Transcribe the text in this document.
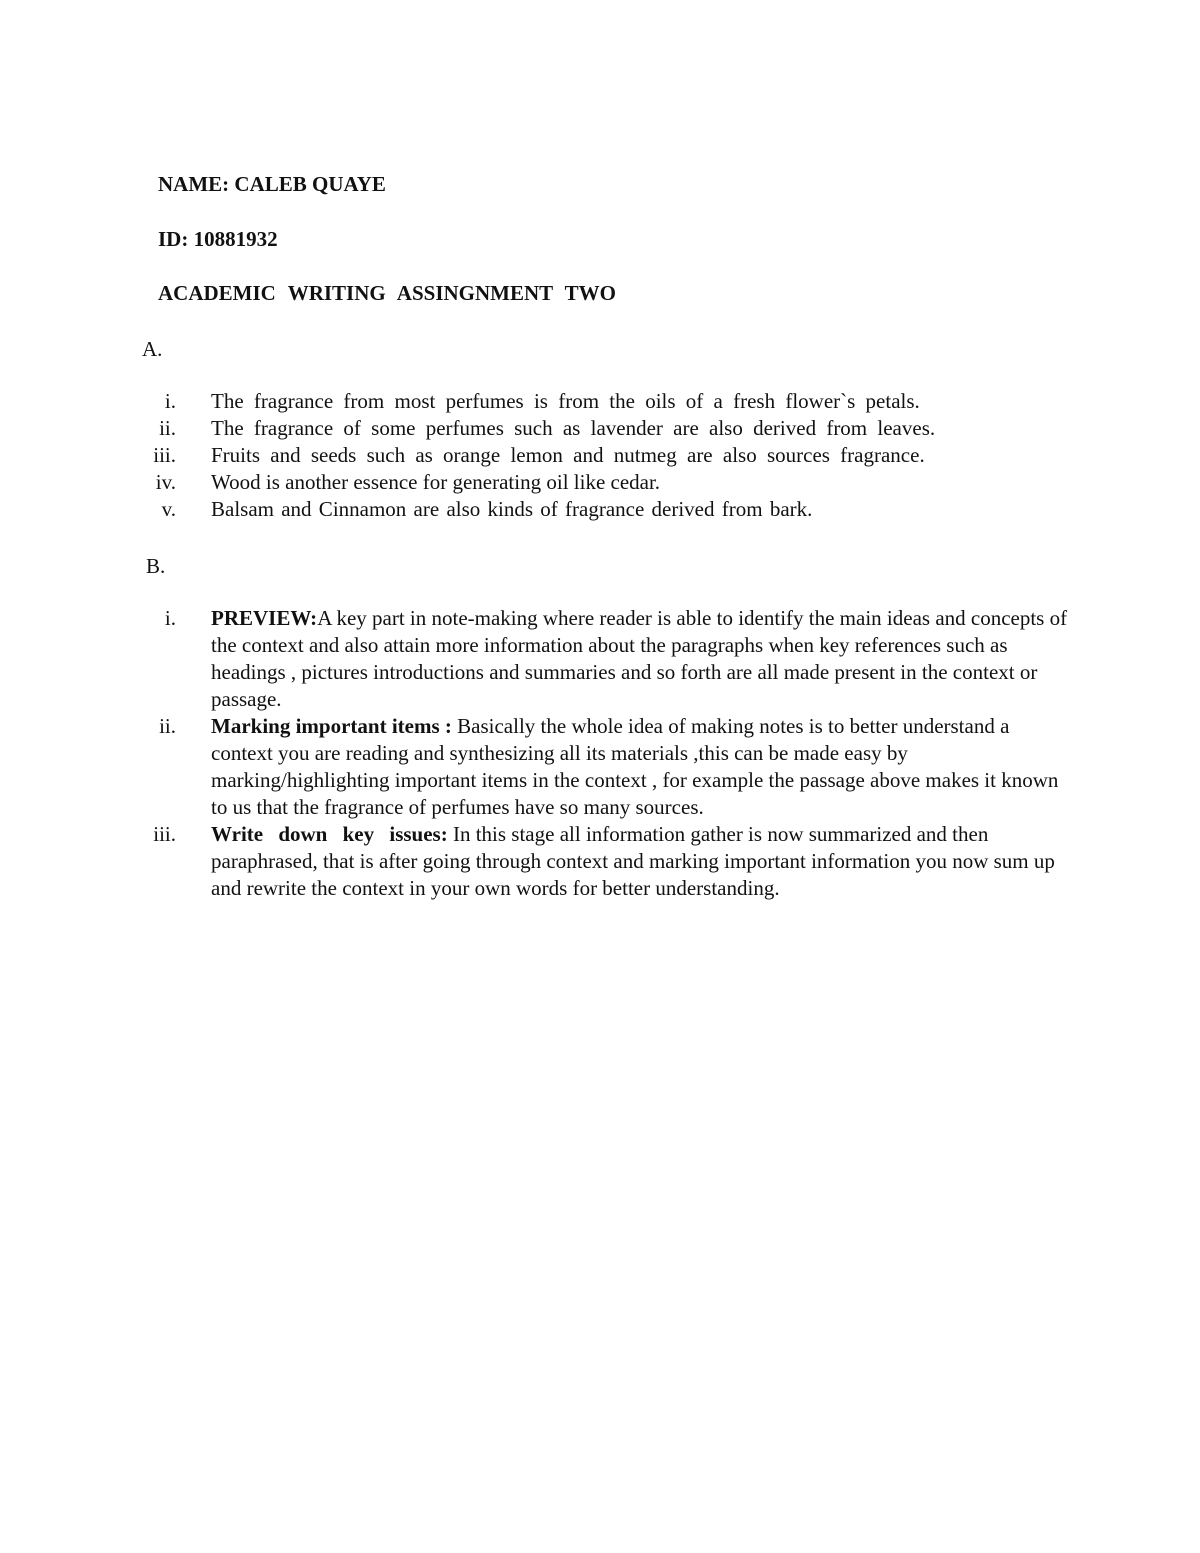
NAME: CALEB QUAYE
ID: 10881932
ACADEMIC WRITING ASSINGNMENT TWO
A.
i. The fragrance from most perfumes is from the oils of a fresh flower`s petals.
ii. The fragrance of some perfumes such as lavender are also derived from leaves.
iii. Fruits and seeds such as orange lemon and nutmeg are also sources fragrance.
iv. Wood is another essence for generating oil like cedar.
v. Balsam and Cinnamon are also kinds of fragrance derived from bark.
B.
i. PREVIEW:A key part in note-making where reader is able to identify the main ideas and concepts of the context and also attain more information about the paragraphs when key references such as headings , pictures introductions and summaries and so forth are all made present in the context or passage.
ii. Marking important items : Basically the whole idea of making notes is to better understand a context you are reading and synthesizing all its materials ,this can be made easy by marking/highlighting important items in the context , for example the passage above makes it known to us that the fragrance of perfumes have so many sources.
iii. Write down key issues: In this stage all information gather is now summarized and then paraphrased, that is after going through context and marking important information you now sum up and rewrite the context in your own words for better understanding.
